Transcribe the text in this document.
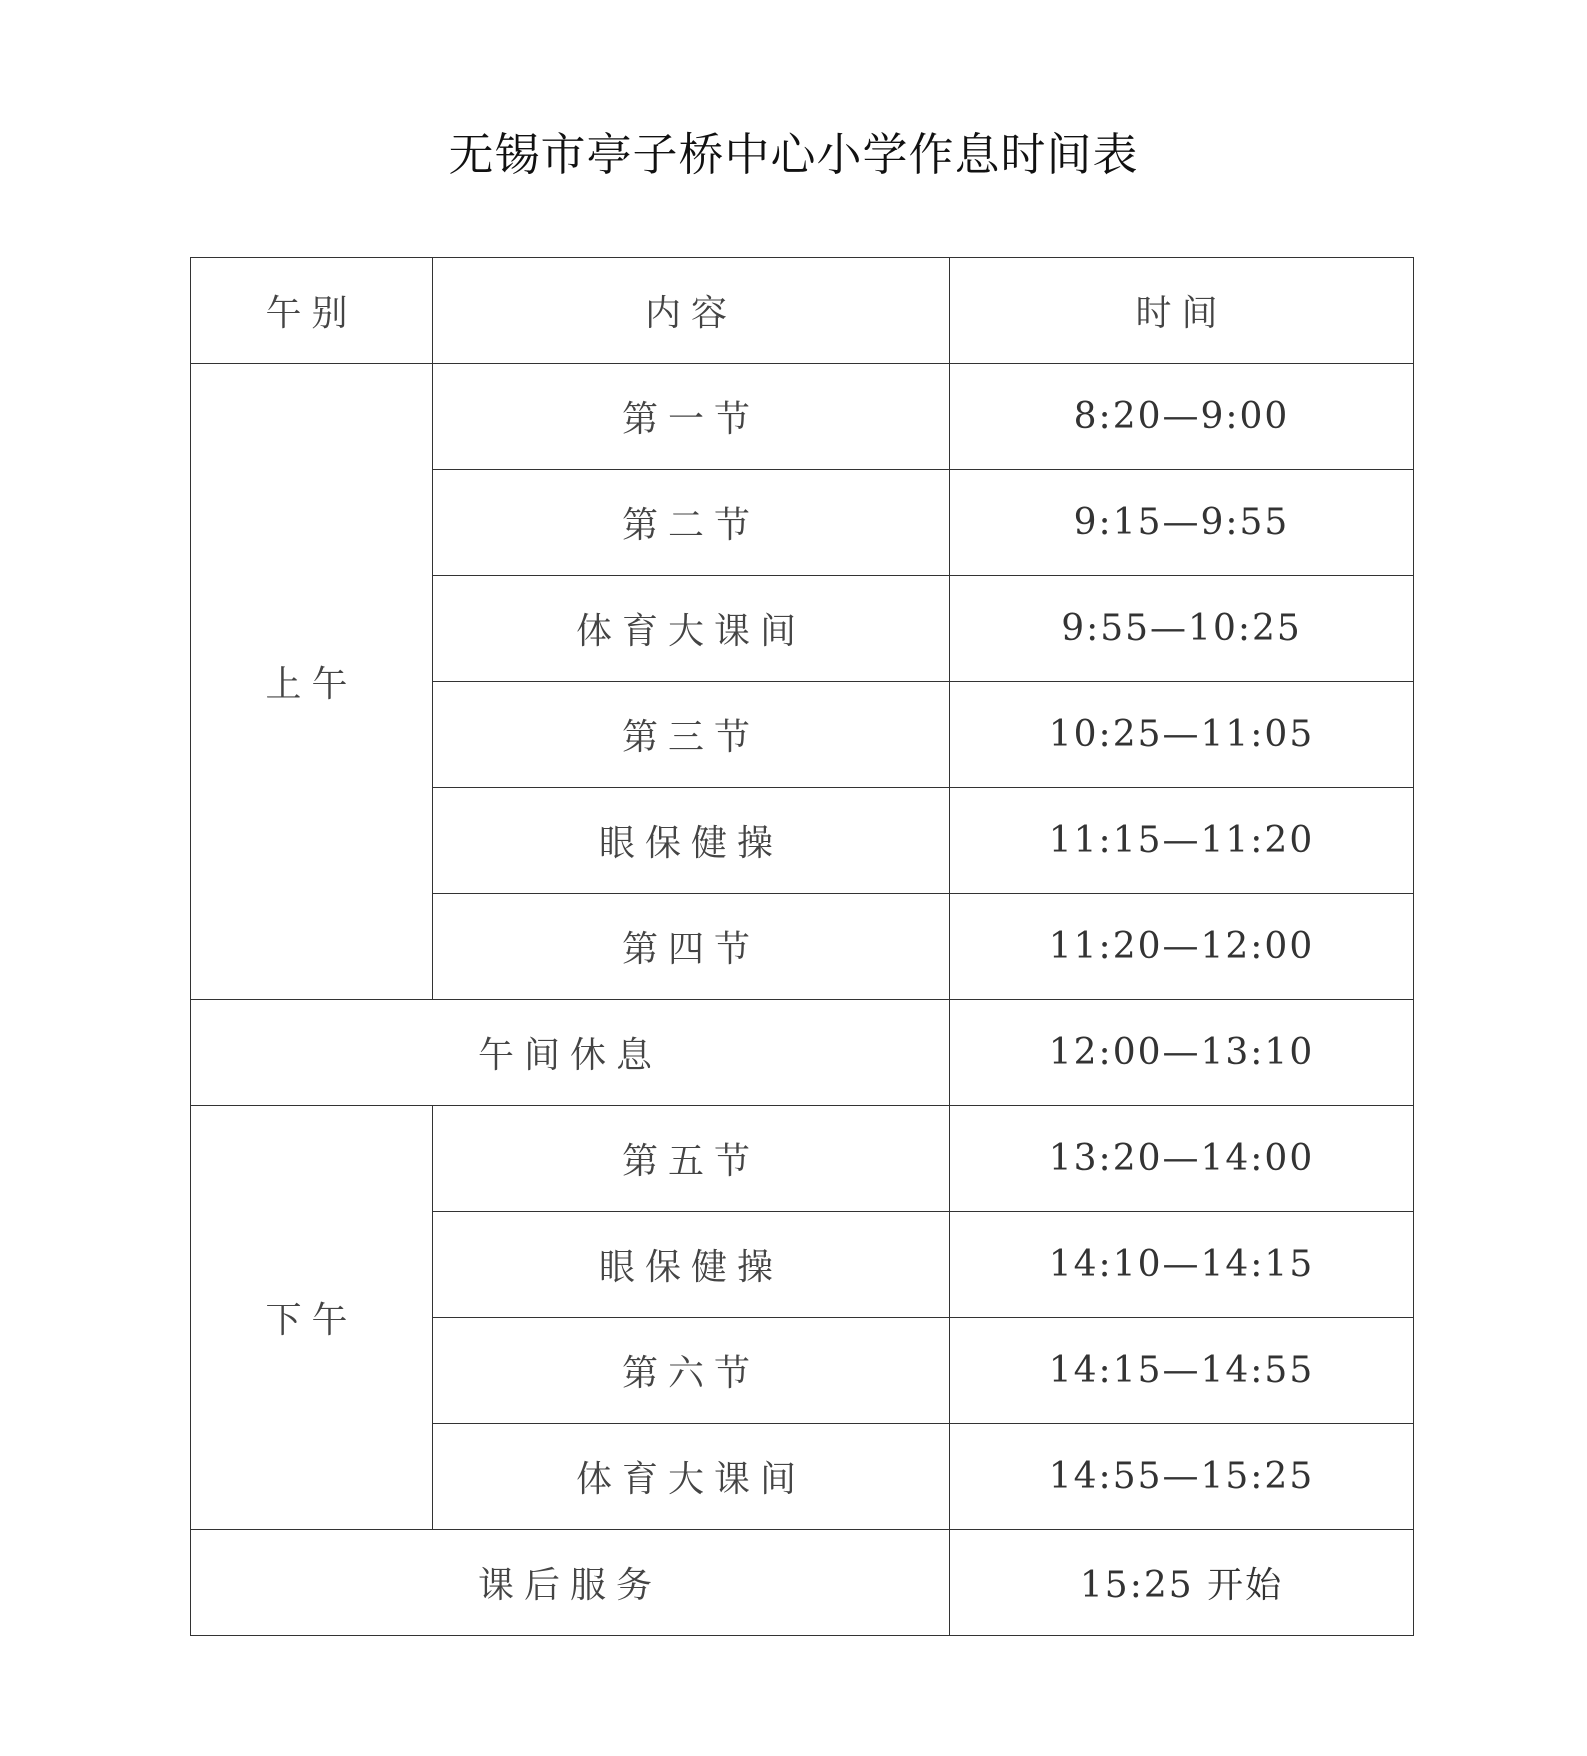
无锡市亭子桥中心小学作息时间表
午别	内容	时间
上午	第一节	8:20—9:00
	第二节	9:15—9:55
	体育大课间	9:55—10:25
	第三节	10:25—11:05
	眼保健操	11:15—11:20
	第四节	11:20—12:00
午间休息		12:00—13:10
下午	第五节	13:20—14:00
	眼保健操	14:10—14:15
	第六节	14:15—14:55
	体育大课间	14:55—15:25
课后服务		15:25 开始
